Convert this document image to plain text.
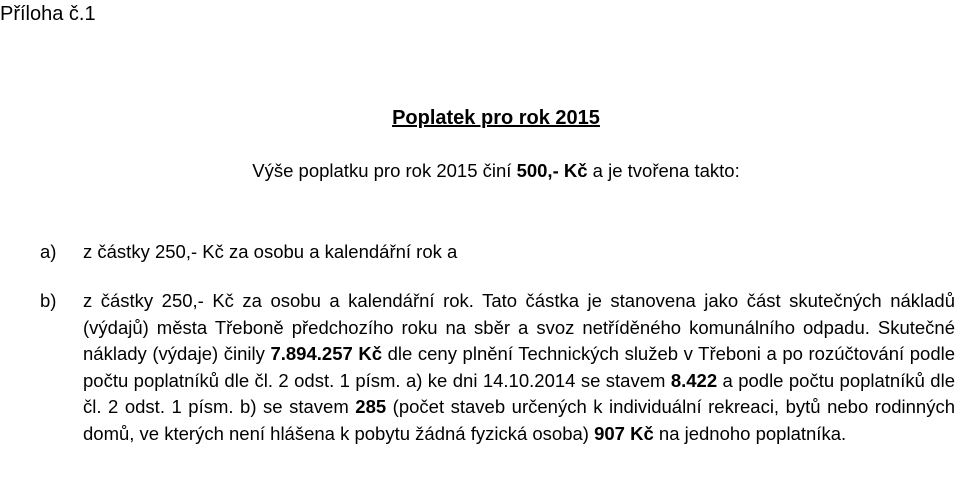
Příloha č.1

Poplatek pro rok 2015

Výše poplatku pro rok 2015 činí 500,- Kč a je tvořena takto:

a) z částky 250,- Kč za osobu a kalendářní rok a
b)	z částky 250,- Kč za osobu a kalendářní rok. Tato částka je stanovena jako část skutečných nákladů (výdajů) města Třeboně předchozího roku na sběr a svoz netříděného komunálního odpadu. Skutečné náklady (výdaje) činily 7.894.257 Kč dle ceny plnění Technických služeb v Třeboni a po rozúčtování podle počtu poplatníků dle čl. 2 odst. 1 písm. a) ke dni 14.10.2014 se stavem 8.422 a podle počtu poplatníků dle čl. 2 odst. 1 písm. b) se stavem 285 (počet staveb určených k individuální rekreaci, bytů nebo rodinných domů, ve kterých není hlášena k pobytu žádná fyzická osoba) 907 Kč na jednoho poplatníka.
